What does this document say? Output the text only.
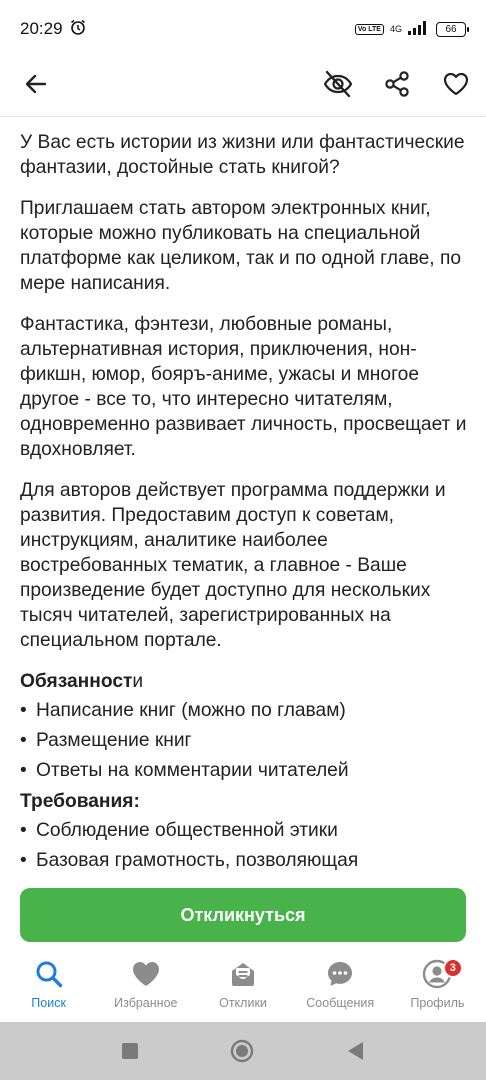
20:29	Vo LTE	4G	66

У Вас есть истории из жизни или фантастические фантазии, достойные стать книгой?

Приглашаем стать автором электронных книг, которые можно публиковать на специальной платформе как целиком, так и по одной главе, по мере написания.

Фантастика, фэнтези, любовные романы, альтернативная история, приключения, нон-фикшн, юмор, бояръ-аниме, ужасы и многое другое - все то, что интересно читателям, одновременно развивает личность, просвещает и вдохновляет.

Для авторов действует программа поддержки и развития. Предоставим доступ к советам, инструкциям, аналитике наиболее востребованных тематик, а главное - Ваше произведение будет доступно для нескольких тысяч читателей, зарегистрированных на специальном портале.

Обязанности
• Написание книг (можно по главам)
• Размещение книг
• Ответы на комментарии читателей
Требования:
• Соблюдение общественной этики
• Базовая грамотность, позволяющая
Откликнуться
Поиск	Избранное	Отклики	Сообщения
3
Профиль
